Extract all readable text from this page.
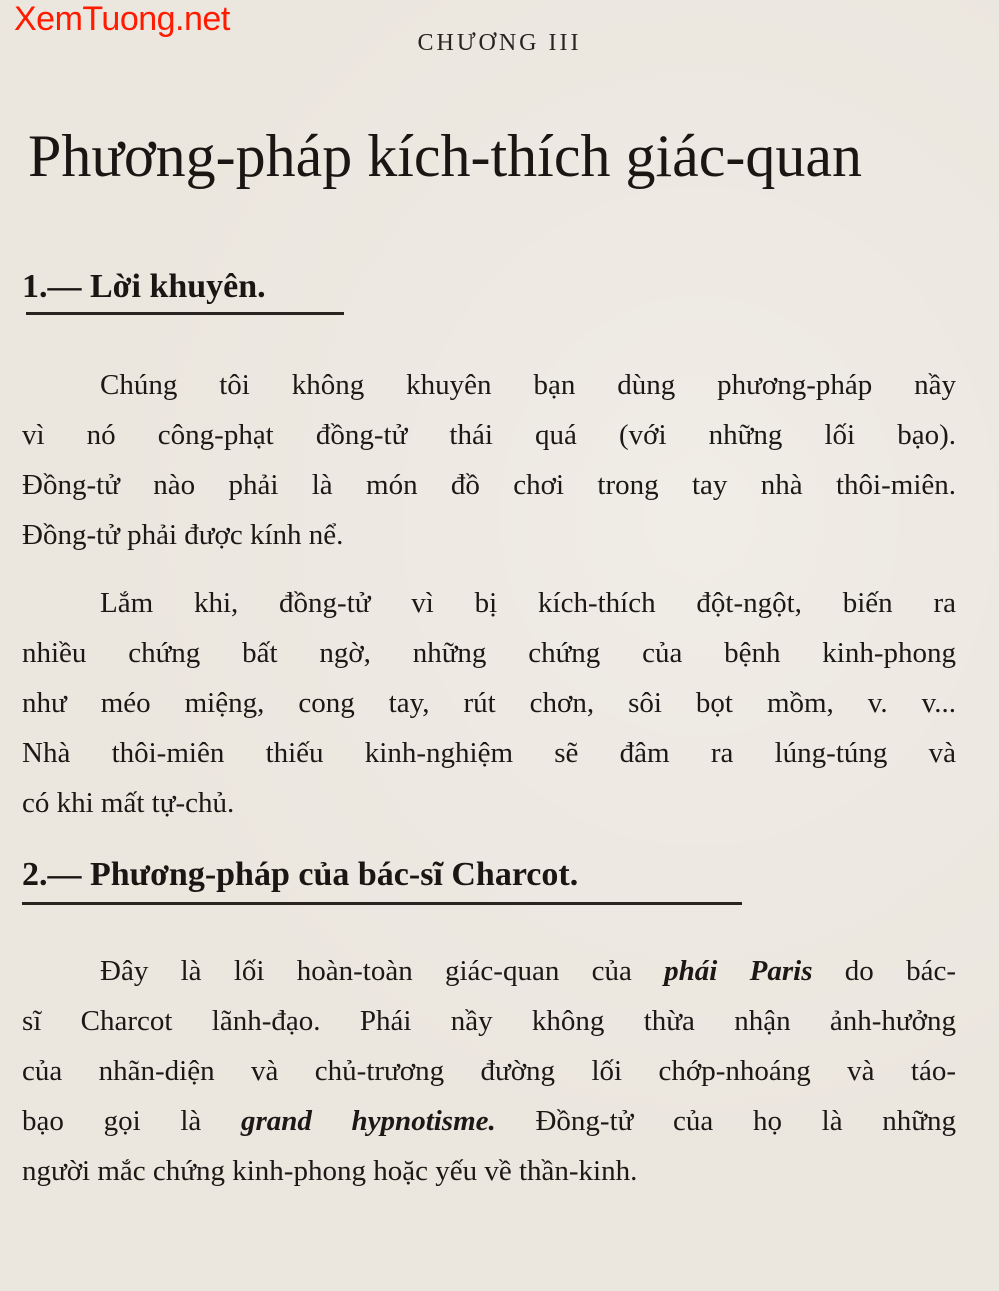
XemTuong.net
CHƯƠNG III
Phương-pháp kích-thích giác-quan
1.— Lời khuyên.
Chúng tôi không khuyên bạn dùng phương-pháp nầy
vì nó công-phạt đồng-tử thái quá (với những lối bạo).
Đồng-tử nào phải là món đồ chơi trong tay nhà thôi-miên.
Đồng-tử phải được kính nể.
Lắm khi, đồng-tử vì bị kích-thích đột-ngột, biến ra
nhiều chứng bất ngờ, những chứng của bệnh kinh-phong
như méo miệng, cong tay, rút chơn, sôi bọt mồm, v. v...
Nhà thôi-miên thiếu kinh-nghiệm sẽ đâm ra lúng-túng và
có khi mất tự-chủ.
2.— Phương-pháp của bác-sĩ Charcot.
Đây là lối hoàn-toàn giác-quan của phái Paris do bác-
sĩ Charcot lãnh-đạo. Phái nầy không thừa nhận ảnh-hưởng
của nhãn-diện và chủ-trương đường lối chớp-nhoáng và táo-
bạo gọi là grand hypnotisme. Đồng-tử của họ là những
người mắc chứng kinh-phong hoặc yếu về thần-kinh.
